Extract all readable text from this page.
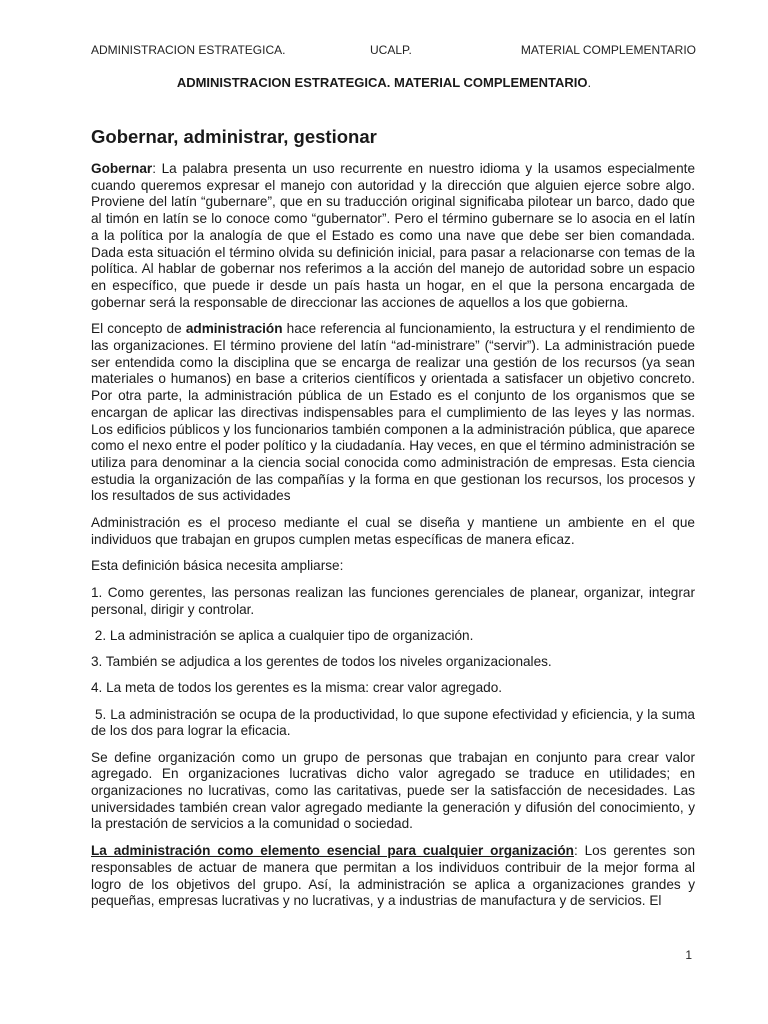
ADMINISTRACION ESTRATEGICA.	UCALP.	MATERIAL COMPLEMENTARIO
ADMINISTRACION ESTRATEGICA. MATERIAL COMPLEMENTARIO.
Gobernar, administrar, gestionar

Gobernar: La palabra presenta un uso recurrente en nuestro idioma y la usamos especialmente cuando queremos expresar el manejo con autoridad y la dirección que alguien ejerce sobre algo. Proviene del latín “gubernare”, que en su traducción original significaba pilotear un barco, dado que al timón en latín se lo conoce como “gubernator”. Pero el término gubernare se lo asocia en el latín a la política por la analogía de que el Estado es como una nave que debe ser bien comandada. Dada esta situación el término olvida su definición inicial, para pasar a relacionarse con temas de la política. Al hablar de gobernar nos referimos a la acción del manejo de autoridad sobre un espacio en específico, que puede ir desde un país hasta un hogar, en el que la persona encargada de gobernar será la responsable de direccionar las acciones de aquellos a los que gobierna.

El concepto de administración hace referencia al funcionamiento, la estructura y el rendimiento de las organizaciones. El término proviene del latín “ad-ministrare” (“servir”). La administración puede ser entendida como la disciplina que se encarga de realizar una gestión de los recursos (ya sean materiales o humanos) en base a criterios científicos y orientada a satisfacer un objetivo concreto. Por otra parte, la administración pública de un Estado es el conjunto de los organismos que se encargan de aplicar las directivas indispensables para el cumplimiento de las leyes y las normas. Los edificios públicos y los funcionarios también componen a la administración pública, que aparece como el nexo entre el poder político y la ciudadanía. Hay veces, en que el término administración se utiliza para denominar a la ciencia social conocida como administración de empresas. Esta ciencia estudia la organización de las compañías y la forma en que gestionan los recursos, los procesos y los resultados de sus actividades

Administración es el proceso mediante el cual se diseña y mantiene un ambiente en el que individuos que trabajan en grupos cumplen metas específicas de manera eficaz.

Esta definición básica necesita ampliarse:

1. Como gerentes, las personas realizan las funciones gerenciales de planear, organizar, integrar personal, dirigir y controlar.

2. La administración se aplica a cualquier tipo de organización.

3. También se adjudica a los gerentes de todos los niveles organizacionales.

4. La meta de todos los gerentes es la misma: crear valor agregado.

5. La administración se ocupa de la productividad, lo que supone efectividad y eficiencia, y la suma de los dos para lograr la eficacia.

Se define organización como un grupo de personas que trabajan en conjunto para crear valor agregado. En organizaciones lucrativas dicho valor agregado se traduce en utilidades; en organizaciones no lucrativas, como las caritativas, puede ser la satisfacción de necesidades. Las universidades también crean valor agregado mediante la generación y difusión del conocimiento, y la prestación de servicios a la comunidad o sociedad.

La administración como elemento esencial para cualquier organización: Los gerentes son responsables de actuar de manera que permitan a los individuos contribuir de la mejor forma al logro de los objetivos del grupo. Así, la administración se aplica a organizaciones grandes y pequeñas, empresas lucrativas y no lucrativas, y a industrias de manufactura y de servicios. El

1
